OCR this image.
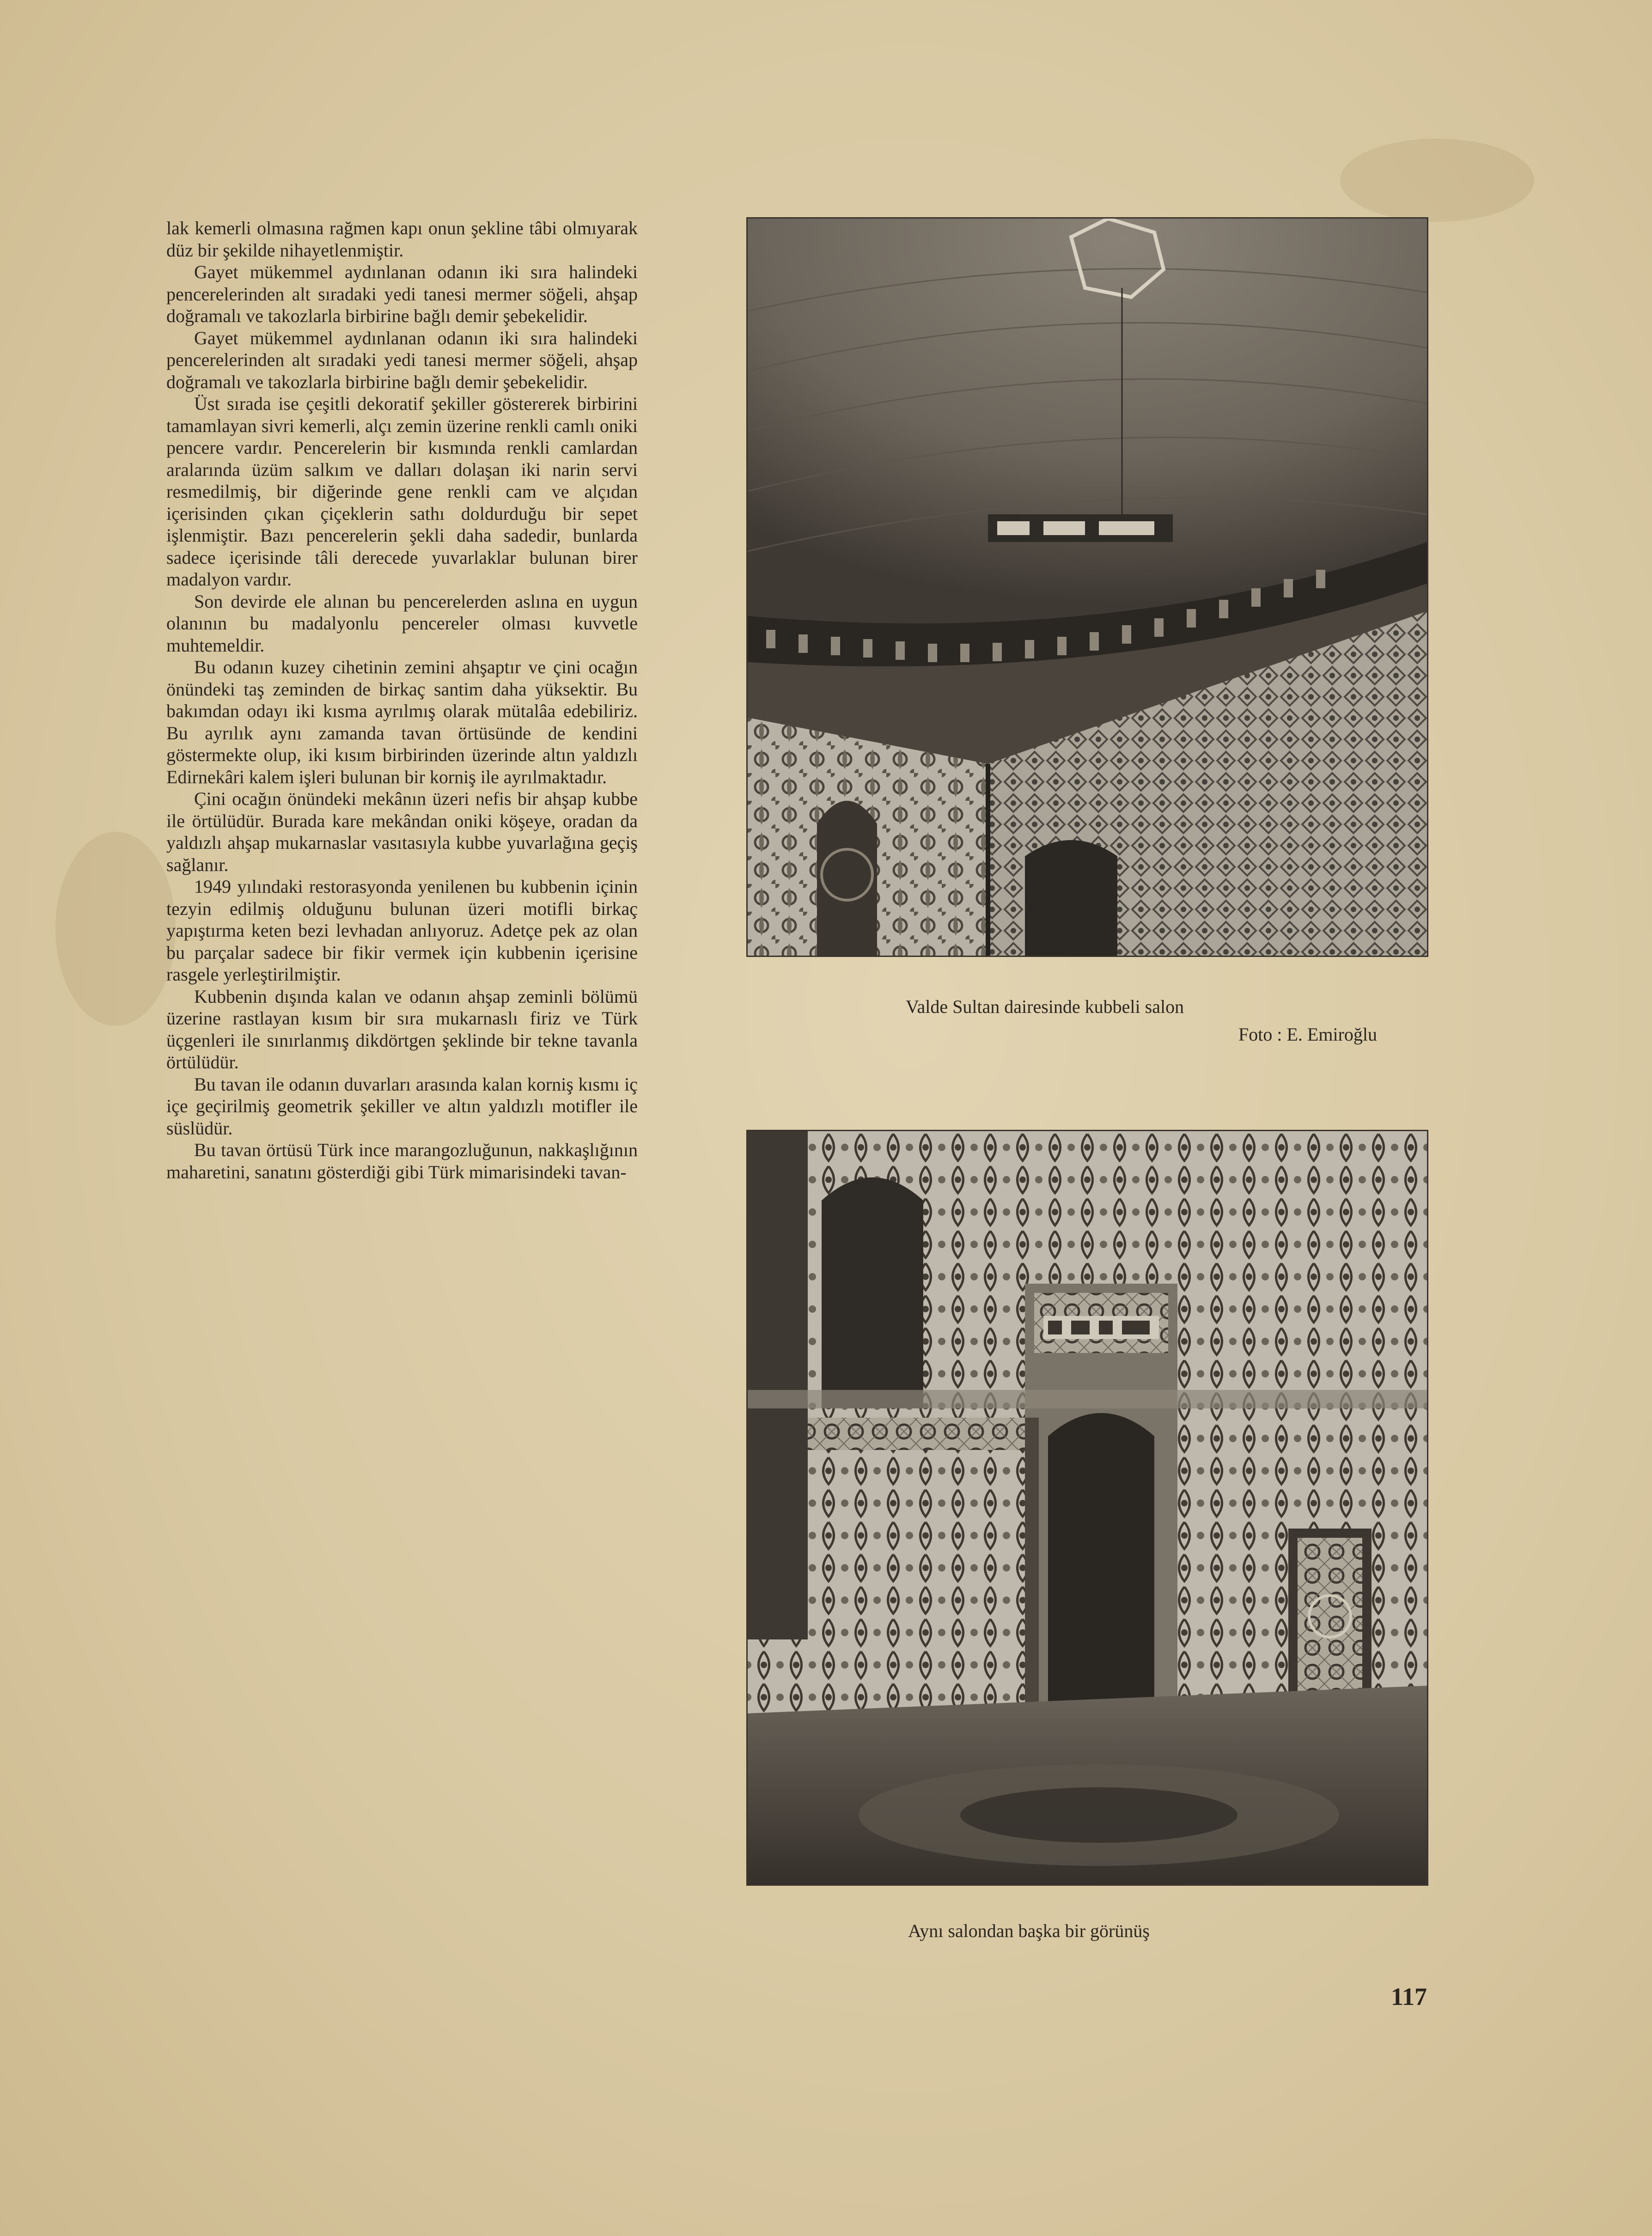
lak kemerli olmasına rağmen kapı onun şekline tâbi olmıyarak düz bir şekilde nihayetlenmiştir.

Gayet mükemmel aydınlanan odanın iki sıra halindeki pencerelerinden alt sıradaki yedi tanesi mermer söğeli, ahşap doğramalı ve takozlarla birbirine bağlı demir şebekelidir.

Gayet mükemmel aydınlanan odanın iki sıra halindeki pencerelerinden alt sıradaki yedi tanesi mermer söğeli, ahşap doğramalı ve takozlarla birbirine bağlı demir şebekelidir.

Üst sırada ise çeşitli dekoratif şekiller göstererek birbirini tamamlayan sivri kemerli, alçı zemin üzerine renkli camlı oniki pencere vardır. Pencerelerin bir kısmında renkli camlardan aralarında üzüm salkım ve dalları dolaşan iki narin servi resmedilmiş, bir diğerinde gene renkli cam ve alçıdan içerisinden çıkan çiçeklerin sathı doldurduğu bir sepet işlenmiştir. Bazı pencerelerin şekli daha sadedir, bunlarda sadece içerisinde tâli derecede yuvarlaklar bulunan birer madalyon vardır.

Son devirde ele alınan bu pencerelerden aslına en uygun olanının bu madalyonlu pencereler olması kuvvetle muhtemeldir.

Bu odanın kuzey cihetinin zemini ahşaptır ve çini ocağın önündeki taş zeminden de birkaç santim daha yüksektir. Bu bakımdan odayı iki kısma ayrılmış olarak mütalâa edebiliriz. Bu ayrılık aynı zamanda tavan örtüsünde de kendini göstermekte olup, iki kısım birbirinden üzerinde altın yaldızlı Edirnekâri kalem işleri bulunan bir korniş ile ayrılmaktadır.

Çini ocağın önündeki mekânın üzeri nefis bir ahşap kubbe ile örtülüdür. Burada kare mekândan oniki köşeye, oradan da yaldızlı ahşap mukarnaslar vasıtasıyla kubbe yuvarlağına geçiş sağlanır.

1949 yılındaki restorasyonda yenilenen bu kubbenin içinin tezyin edilmiş olduğunu bulunan üzeri motifli birkaç yapıştırma keten bezi levhadan anlıyoruz. Adetçe pek az olan bu parçalar sadece bir fikir vermek için kubbenin içerisine rasgele yerleştirilmiştir.

Kubbenin dışında kalan ve odanın ahşap zeminli bölümü üzerine rastlayan kısım bir sıra mukarnaslı firiz ve Türk üçgenleri ile sınırlanmış dikdörtgen şeklinde bir tekne tavanla örtülüdür.

Bu tavan ile odanın duvarları arasında kalan korniş kısmı iç içe geçirilmiş geometrik şekiller ve altın yaldızlı motifler ile süslüdür.

Bu tavan örtüsü Türk ince marangozluğunun, nakkaşlığının maharetini, sanatını gösterdiği gibi Türk mimarisindeki tavan-

Valde Sultan dairesinde kubbeli salon
Foto : E. Emiroğlu
Aynı salondan başka bir görünüş
117
